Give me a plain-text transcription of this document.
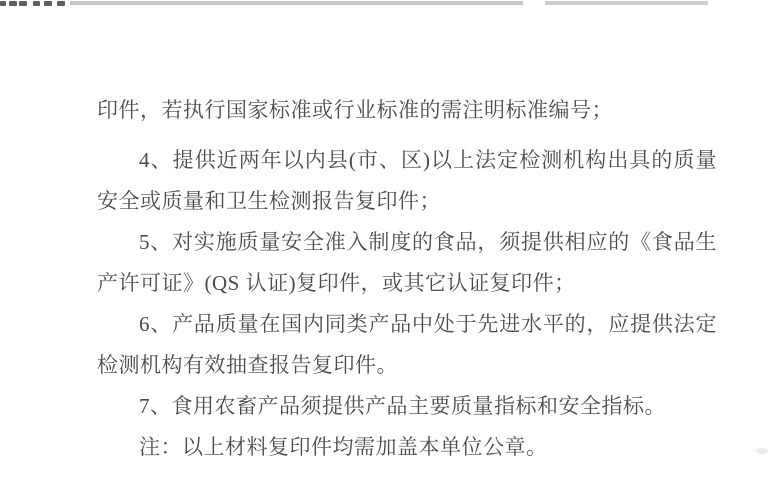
印件，若执行国家标准或行业标准的需注明标准编号；

4、提供近两年以内县(市、区)以上法定检测机构出具的质量安全或质量和卫生检测报告复印件；

5、对实施质量安全准入制度的食品，须提供相应的《食品生产许可证》(QS 认证)复印件，或其它认证复印件；

6、产品质量在国内同类产品中处于先进水平的，应提供法定检测机构有效抽查报告复印件。

7、食用农畜产品须提供产品主要质量指标和安全指标。

注：以上材料复印件均需加盖本单位公章。
